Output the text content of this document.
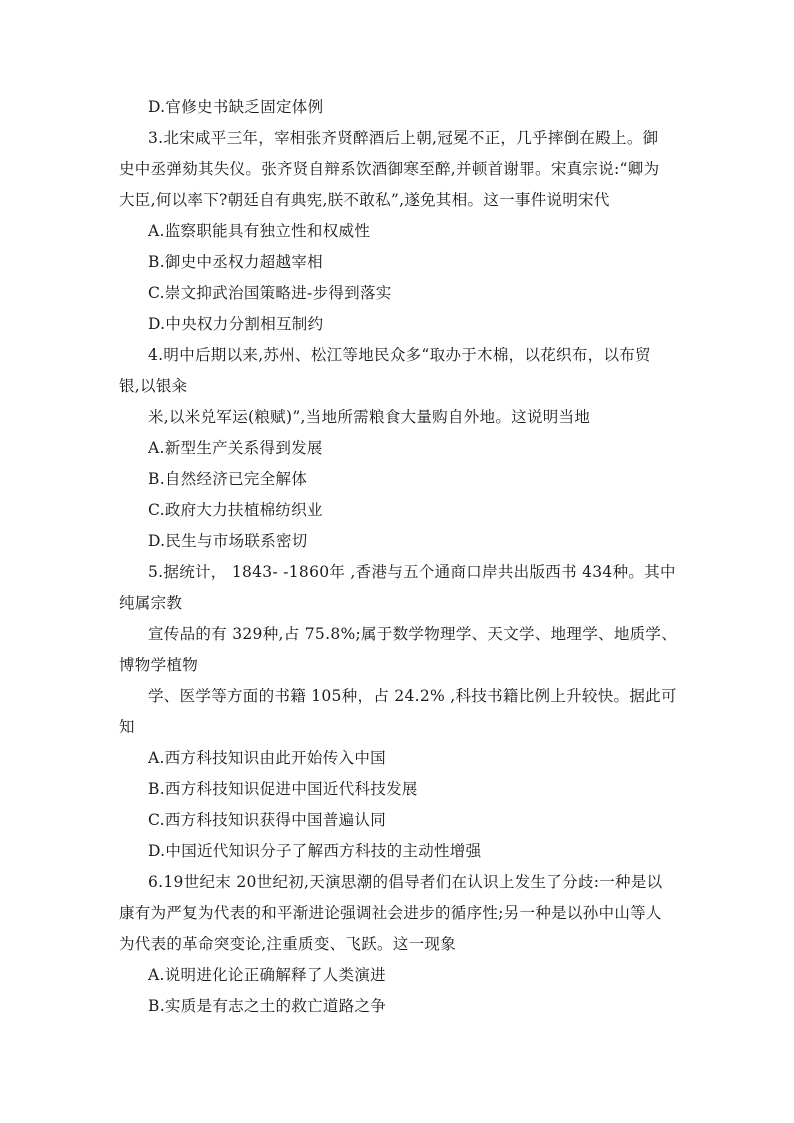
D.官修史书缺乏固定体例
3.北宋咸平三年，宰相张齐贤醉酒后上朝,冠冕不正，几乎摔倒在殿上。御
史中丞弹劾其失仪。张齐贤自辩系饮酒御寒至醉,并顿首谢罪。宋真宗说:“卿为
大臣,何以率下?朝廷自有典宪,朕不敢私”,遂免其相。这一事件说明宋代
A.监察职能具有独立性和权威性
B.御史中丞权力超越宰相
C.崇文抑武治国策略进-步得到落实
D.中央权力分割相互制约
4.明中后期以来,苏州、松江等地民众多“取办于木棉，以花织布，以布贸
银,以银籴
米,以米兑军运(粮赋)”,当地所需粮食大量购自外地。这说明当地
A.新型生产关系得到发展
B.自然经济已完全解体
C.政府大力扶植棉纺织业
D.民生与市场联系密切
5.据统计， 1843- -1860年 ,香港与五个通商口岸共出版西书 434种。其中
纯属宗教
宣传品的有 329种,占 75.8%;属于数学物理学、天文学、地理学、地质学、
博物学植物
学、医学等方面的书籍 105种，占 24.2% ,科技书籍比例上升较快。据此可
知
A.西方科技知识由此开始传入中国
B.西方科技知识促进中国近代科技发展
C.西方科技知识获得中国普遍认同
D.中国近代知识分子了解西方科技的主动性增强
6.19世纪末 20世纪初,天演思潮的倡导者们在认识上发生了分歧:一种是以
康有为严复为代表的和平渐进论强调社会进步的循序性;另一种是以孙中山等人
为代表的革命突变论,注重质变、飞跃。这一现象
A.说明进化论正确解释了人类演进
B.实质是有志之土的救亡道路之争
